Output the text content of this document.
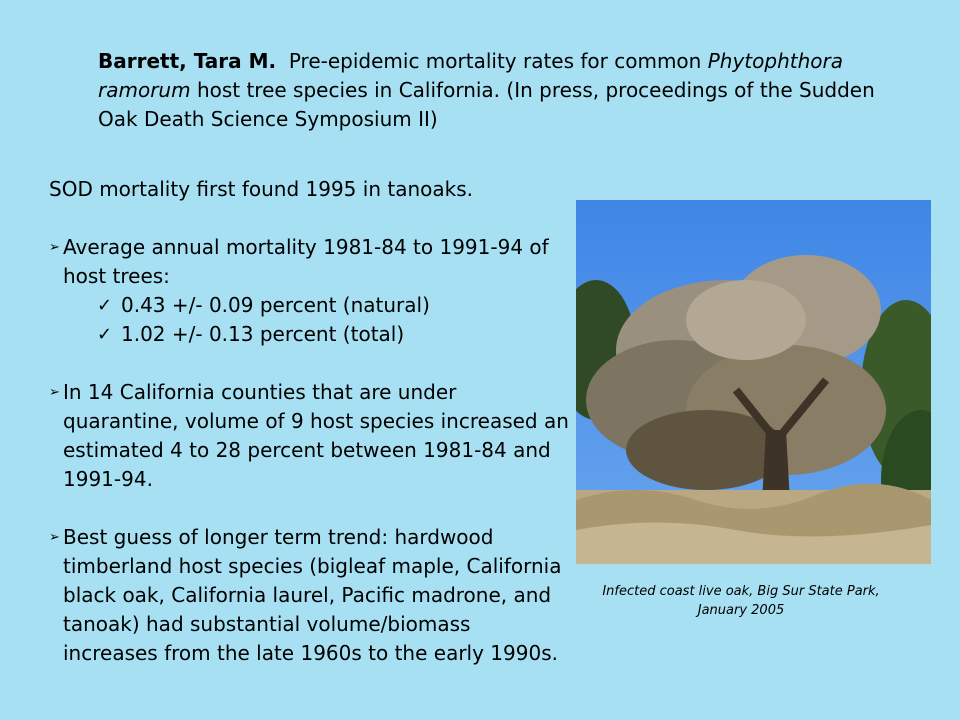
Barrett, Tara M. Pre-epidemic mortality rates for common Phytophthora ramorum host tree species in California. (In press, proceedings of the Sudden Oak Death Science Symposium II)

SOD mortality first found 1995 in tanoaks.

➢ Average annual mortality 1981-84 to 1991-94 of host trees:
✓ 0.43 +/- 0.09 percent (natural)
✓ 1.02 +/- 0.13 percent (total)
➢ In 14 California counties that are under quarantine, volume of 9 host species increased an estimated 4 to 28 percent between 1981-84 and 1991-94.
➢ Best guess of longer term trend: hardwood timberland host species (bigleaf maple, California black oak, California laurel, Pacific madrone, and tanoak) had substantial volume/biomass increases from the late 1960s to the early 1990s.
Infected coast live oak, Big Sur State Park, January 2005
